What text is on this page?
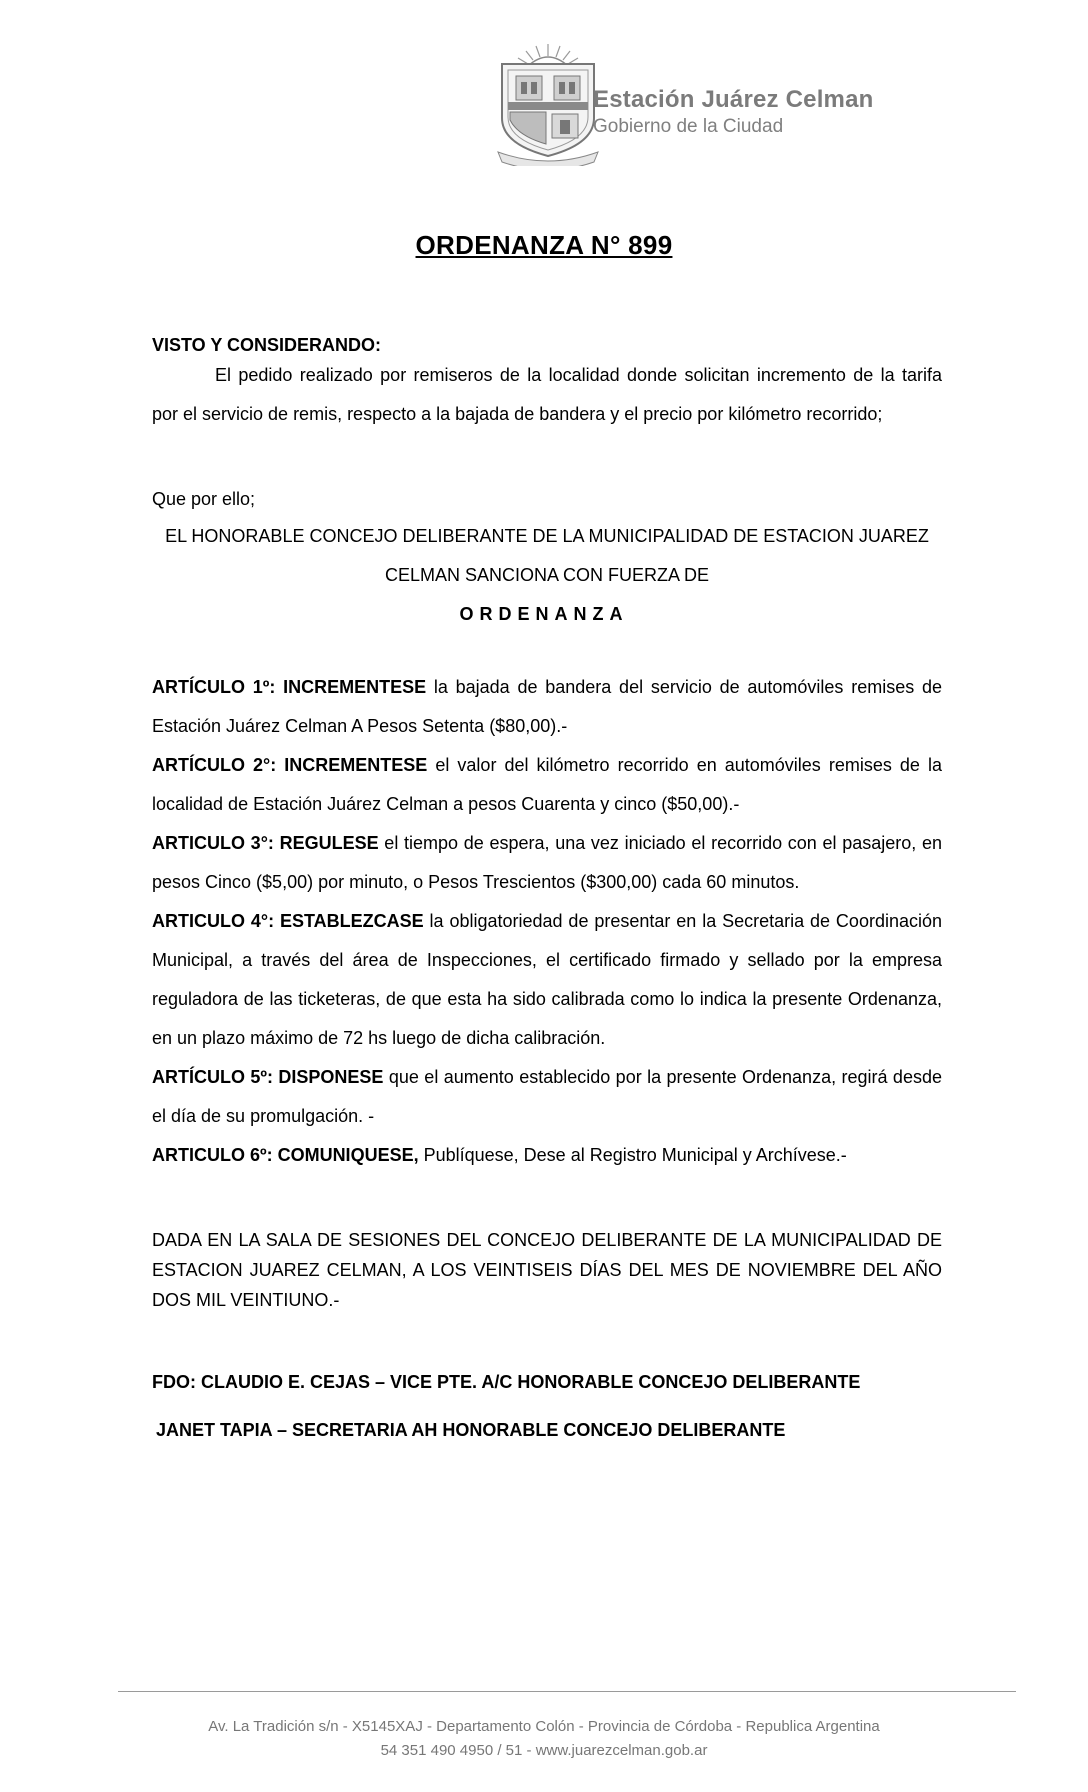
Estación Juárez Celman
Gobierno de la Ciudad
ORDENANZA N° 899
VISTO Y CONSIDERANDO:
El pedido realizado por remiseros de la localidad donde solicitan incremento de la tarifa por el servicio de remis, respecto a la bajada de bandera y el precio por kilómetro recorrido;
Que por ello;
EL HONORABLE CONCEJO DELIBERANTE DE LA MUNICIPALIDAD DE ESTACION JUAREZ
CELMAN SANCIONA CON FUERZA DE
ORDENANZA

ARTÍCULO 1º: INCREMENTESE la bajada de bandera del servicio de automóviles remises de Estación Juárez Celman A Pesos Setenta ($80,00).-

ARTÍCULO 2°: INCREMENTESE el valor del kilómetro recorrido en automóviles remises de la localidad de Estación Juárez Celman a pesos Cuarenta y cinco ($50,00).-

ARTICULO 3°: REGULESE el tiempo de espera, una vez iniciado el recorrido con el pasajero, en pesos Cinco ($5,00) por minuto, o Pesos Trescientos ($300,00) cada 60 minutos.

ARTICULO 4°: ESTABLEZCASE la obligatoriedad de presentar en la Secretaria de Coordinación Municipal, a través del área de Inspecciones, el certificado firmado y sellado por la empresa reguladora de las ticketeras, de que esta ha sido calibrada como lo indica la presente Ordenanza, en un plazo máximo de 72 hs luego de dicha calibración.

ARTÍCULO 5º: DISPONESE que el aumento establecido por la presente Ordenanza, regirá desde el día de su promulgación. -

ARTICULO 6º: COMUNIQUESE, Publíquese, Dese al Registro Municipal y Archívese.-

DADA EN LA SALA DE SESIONES DEL CONCEJO DELIBERANTE DE LA MUNICIPALIDAD DE ESTACION JUAREZ CELMAN, A LOS VEINTISEIS DÍAS DEL MES DE NOVIEMBRE DEL AÑO DOS MIL VEINTIUNO.-
FDO: CLAUDIO E. CEJAS – VICE PTE. A/C HONORABLE CONCEJO DELIBERANTE
JANET TAPIA – SECRETARIA AH HONORABLE CONCEJO DELIBERANTE
Av. La Tradición s/n - X5145XAJ - Departamento Colón - Provincia de Córdoba - Republica Argentina
54 351 490 4950 / 51 - www.juarezcelman.gob.ar
